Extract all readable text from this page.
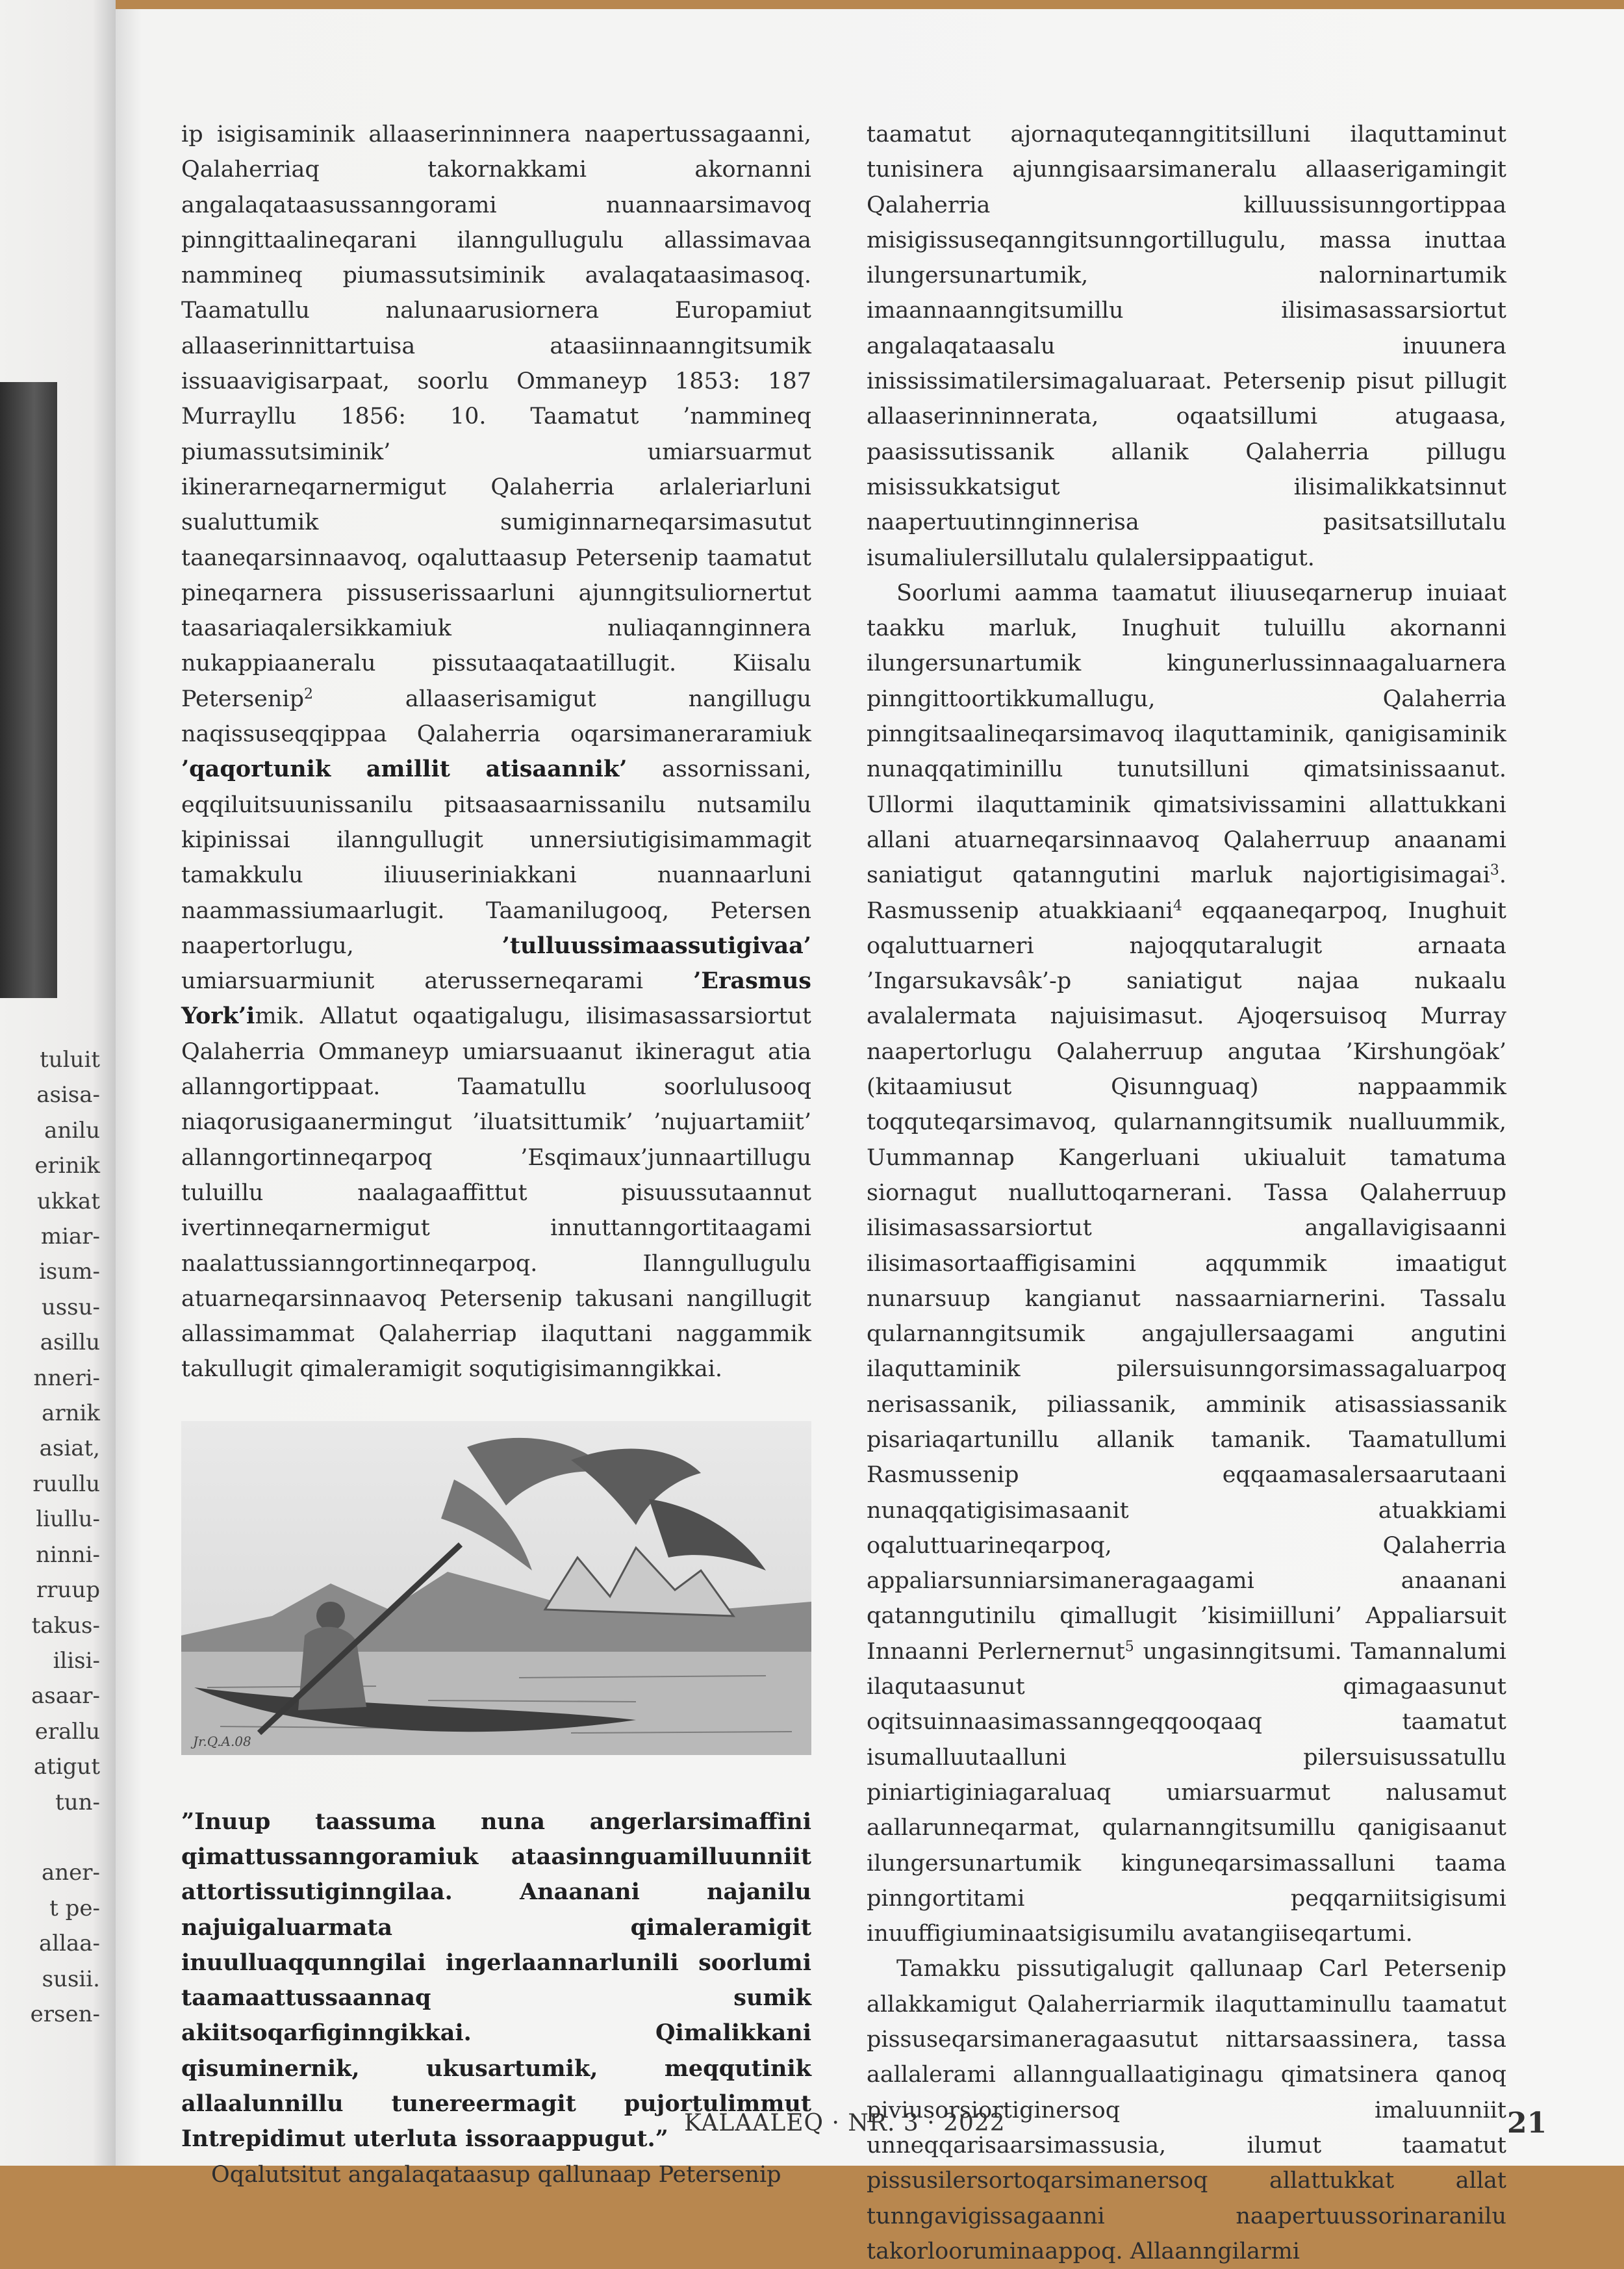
tuluit
asisa-
anilu
erinik
ukkat
miar-
isum-
ussu-
asillu
nneri-
arnik
asiat,
ruullu
liullu-
ninni-
rruup
takus-
ilisi-
asaar-
erallu
atigut
tun-

aner-
t pe-
allaa-
susii.
ersen-

ip isigisaminik allaaserinninnera naapertussagaanni, Qalaherriaq takornakkami akornanni angalaqataasussanngorami nuannaarsimavoq pinngittaalineqarani ilanngullugulu allassimavaa nammineq piumassutsiminik avalaqataasimasoq. Taamatullu nalunaarusiornera Europamiut allaaserinnittartuisa ataasiinnaanngitsumik issuaavigisarpaat, soorlu Ommaneyp 1853: 187 Murrayllu 1856: 10. Taamatut ’nammineq piumassutsiminik’ umiarsuarmut ikinerarneqarnermigut Qalaherria arlaleriarluni sualuttumik sumiginnarneqarsimasutut taaneqarsinnaavoq, oqaluttaasup Petersenip taamatut pineqarnera pissuserissaarluni ajunngitsuliornertut taasariaqalersikkamiuk nuliaqannginnera nukappiaaneralu pissutaaqataatillugit. Kiisalu Petersenip$^2$ allaaserisamigut nangillugu naqissuseqqippaa Qalaherria oqarsimaneraramiuk ’qaqortunik amillit atisaannik’ assornissani, eqqiluitsuunissanilu pitsaasaarnissanilu nutsamilu kipinissai ilanngullugit unnersiutigisimammagit tamakkulu iliuuseriniakkani nuannaarluni naammassiumaarlugit. Taamanilugooq, Petersen naapertorlugu, ’tulluussimaassutigivaa’ umiarsuarmiunit aterusserneqarami ’Erasmus York’imik. Allatut oqaatigalugu, ilisimasassarsiortut Qalaherria Ommaneyp umiarsuaanut ikineragut atia allanngortippaat. Taamatullu soorlulusooq niaqorusigaanermingut ’iluatsittumik’ ’nujuartamiit’ allanngortinneqarpoq ’Esqimaux’junnaartillugu tuluillu naalagaaffittut pisuussutaannut ivertinneqarnermigut innuttanngortitaagami naalattussianngortinneqarpoq. Ilanngullugulu atuarneqarsinnaavoq Petersenip takusani nangillugit allassimammat Qalaherriap ilaquttani naggammik takullugit qimaleramigit soqutigisimanngikkai.

Jr.Q.A.08

”Inuup taassuma nuna angerlarsimaffini qimattussanngoramiuk ataasinnguamilluunniit attortissutiginngilaa. Anaanani najanilu najuigaluarmata qimaleramigit inuulluaqqunngilai ingerlaannarlunili soorlumi taamaattussaannaq sumik akiitsoqarfiginngikkai. Qimalikkani qisuminernik, ukusartumik, meqqutinik allaalunnillu tunereermagit pujortulimmut Intrepidimut uterluta issoraappugut.”

Oqalutsitut angalaqataasup qallunaap Petersenip

taamatut ajornaquteqanngititsilluni ilaquttaminut tunisinera ajunngisaarsimaneralu allaaserigamingit Qalaherria killuussisunngortippaa misigissuseqanngitsunngortillugulu, massa inuttaa ilungersunartumik, nalorninartumik imaannaanngitsumillu ilisimasassarsiortut angalaqataasalu inuunera inississimatilersimagaluaraat. Petersenip pisut pillugit allaaserinninnerata, oqaatsillumi atugaasa, paasissutissanik allanik Qalaherria pillugu misissukkatsigut ilisimalikkatsinnut naapertuutinnginnerisa pasitsatsillutalu isumaliulersillutalu qulalersippaatigut.

Soorlumi aamma taamatut iliuuseqarnerup inuiaat taakku marluk, Inughuit tuluillu akornanni ilungersunartumik kingunerlussinnaagaluarnera pinngittoortikkumallugu, Qalaherria pinngitsaalineqarsimavoq ilaquttaminik, qanigisaminik nunaqqatiminillu tunutsilluni qimatsinissaanut. Ullormi ilaquttaminik qimatsivissamini allattukkani allani atuarneqarsinnaavoq Qalaherruup anaanami saniatigut qatanngutini marluk najortigisimagai$^3$. Rasmussenip atuakkiaani$^4$ eqqaaneqarpoq, Inughuit oqaluttuarneri najoqqutaralugit arnaata ’Ingarsukavsâk’-p saniatigut najaa nukaalu avalalermata najuisimasut. Ajoqersuisoq Murray naapertorlugu Qalaherruup angutaa ’Kirshungöak’ (kitaamiusut Qisunnguaq) nappaammik toqquteqarsimavoq, qularnanngitsumik nualluummik, Uummannap Kangerluani ukiualuit tamatuma siornagut nualluttoqarnerani. Tassa Qalaherruup ilisimasassarsiortut angallavigisaanni ilisimasortaaffigisamini aqqummik imaatigut nunarsuup kangianut nassaarniarnerini. Tassalu qularnanngitsumik angajullersaagami angutini ilaquttaminik pilersuisunngorsimassagaluarpoq nerisassanik, piliassanik, amminik atisassiassanik pisariaqartunillu allanik tamanik. Taamatullumi Rasmussenip eqqaamasalersaarutaani nunaqqatigisimasaanit atuakkiami oqaluttuarineqarpoq, Qalaherria appaliarsunniarsimaneragaagami anaanani qatanngutinilu qimallugit ’kisimiilluni’ Appaliarsuit Innaanni Perlernernut$^5$ ungasinngitsumi. Tamannalumi ilaqutaasunut qimagaasunut oqitsuinnaasimassanngeqqooqaaq taamatut isumalluutaalluni pilersuisussatullu piniartiginiagaraluaq umiarsuarmut nalusamut aallarunneqarmat, qularnanngitsumillu qanigisaanut ilungersunartumik kinguneqarsimassalluni taama pinngortitami peqqarniitsigisumi inuuffigiuminaatsigisumilu avatangiiseqartumi.

Tamakku pissutigalugit qallunaap Carl Petersenip allakkamigut Qalaherriarmik ilaquttaminullu taamatut pissuseqarsimaneragaasutut nittarsaassinera, tassa aallalerami allannguallaatiginagu qimatsinera qanoq piviusorsiortiginersoq imaluunniit unneqqarisaarsimassusia, ilumut taamatut pissusilersortoqarsimanersoq allattukkat allat tunngavigissagaanni naapertuussorinaranilu takorlooruminaappoq. Allaanngilarmi

KALAALEQ · NR. 3 · 2022	21
